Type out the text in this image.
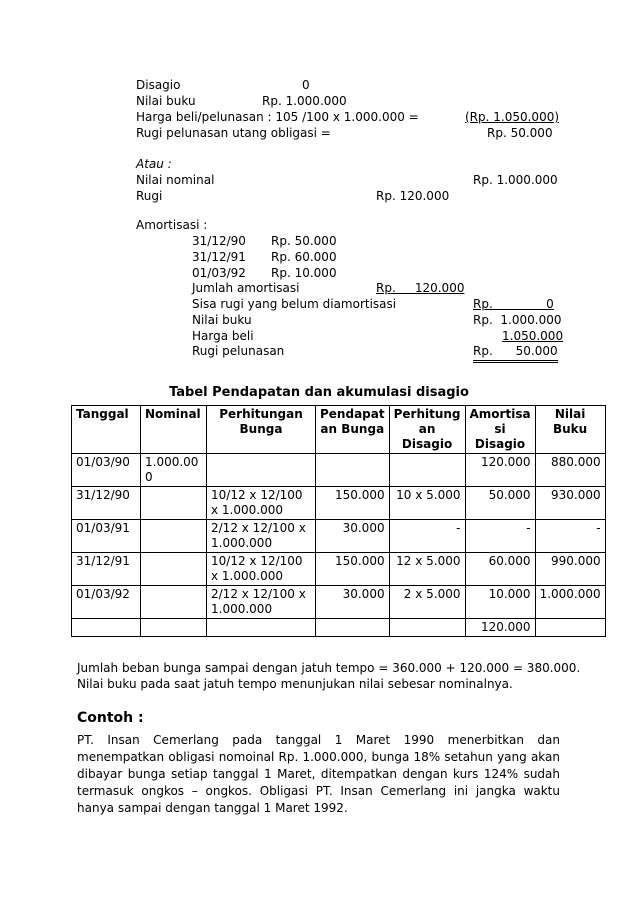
Disagio	0
Nilai buku	Rp. 1.000.000
Harga beli/pelunasan : 105 /100 x 1.000.000 =	(Rp. 1.050.000)
Rugi pelunasan utang obligasi =	Rp. 50.000
Atau :
Nilai nominal	Rp. 1.000.000
Rugi	Rp. 120.000
Amortisasi :
31/12/90 Rp. 50.000
31/12/91 Rp. 60.000
01/03/92 Rp. 10.000
Jumlah amortisasi	Rp.     120.000
Sisa rugi yang belum diamortisasi	Rp.              0
Nilai buku	Rp.  1.000.000
Harga beli	1.050.000
Rugi pelunasan	Rp.      50.000
Tabel Pendapatan dan akumulasi disagio
Tanggal	Nominal	Perhitungan Bunga	Pendapat an Bunga	Perhitung an Disagio	Amortisa si Disagio	Nilai Buku
01/03/90	1.000.00 0				120.000	880.000
31/12/90		10/12 x 12/100 x 1.000.000	150.000	10 x 5.000	50.000	930.000
01/03/91		2/12 x 12/100 x 1.000.000	30.000	-	-	-
31/12/91		10/12 x 12/100 x 1.000.000	150.000	12 x 5.000	60.000	990.000
01/03/92		2/12 x 12/100 x 1.000.000	30.000	2 x 5.000	10.000	1.000.000
					120.000	
Jumlah beban bunga sampai dengan jatuh tempo = 360.000 + 120.000 = 380.000.
Nilai buku pada saat jatuh tempo menunjukan nilai sebesar nominalnya.
Contoh :
PT. Insan Cemerlang pada tanggal 1 Maret 1990 menerbitkan dan menempatkan obligasi nomoinal Rp. 1.000.000, bunga 18% setahun yang akan dibayar bunga setiap tanggal 1 Maret, ditempatkan dengan kurs 124% sudah termasuk ongkos – ongkos. Obligasi PT. Insan Cemerlang ini jangka waktu hanya sampai dengan tanggal 1 Maret 1992.
